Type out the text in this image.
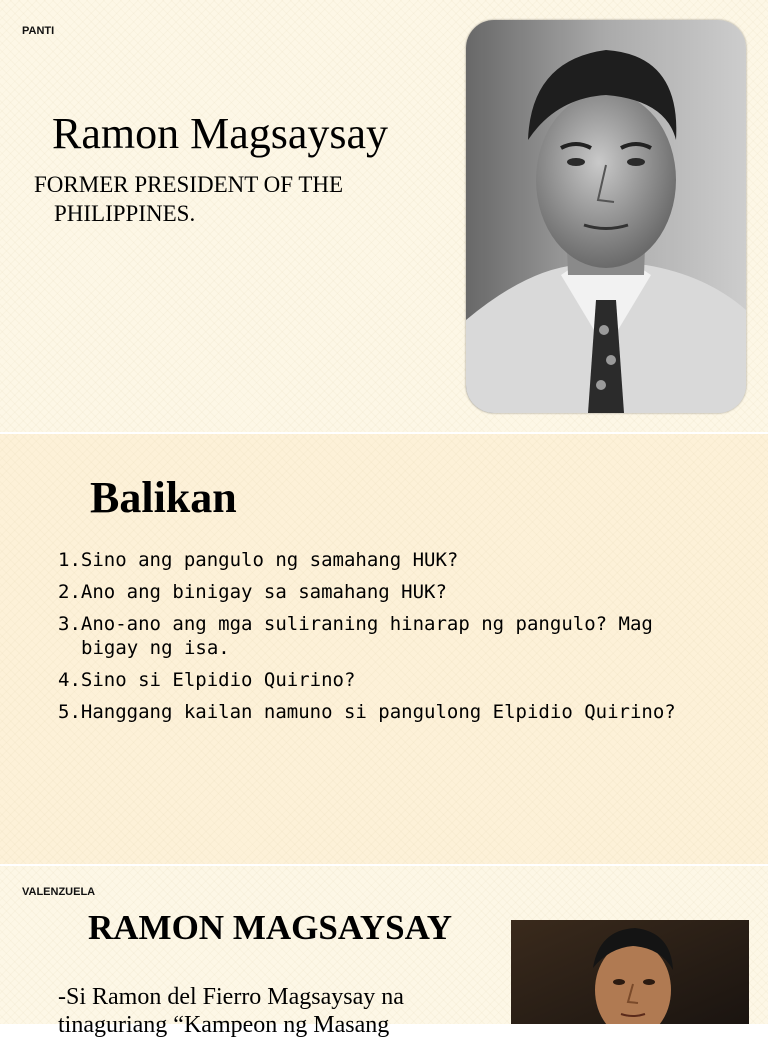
PANTI
Ramon Magsaysay
FORMER PRESIDENT OF THE PHILIPPINES.
Balikan
1.Sino ang pangulo ng samahang HUK?
2.Ano ang binigay sa samahang HUK?
3.Ano-ano ang mga suliraning hinarap ng pangulo? Mag bigay ng isa.
4.Sino si Elpidio Quirino?
5.Hanggang kailan namuno si pangulong Elpidio Quirino?
VALENZUELA
RAMON MAGSAYSAY
-Si Ramon del Fierro Magsaysay na tinaguriang “Kampeon ng Masang
